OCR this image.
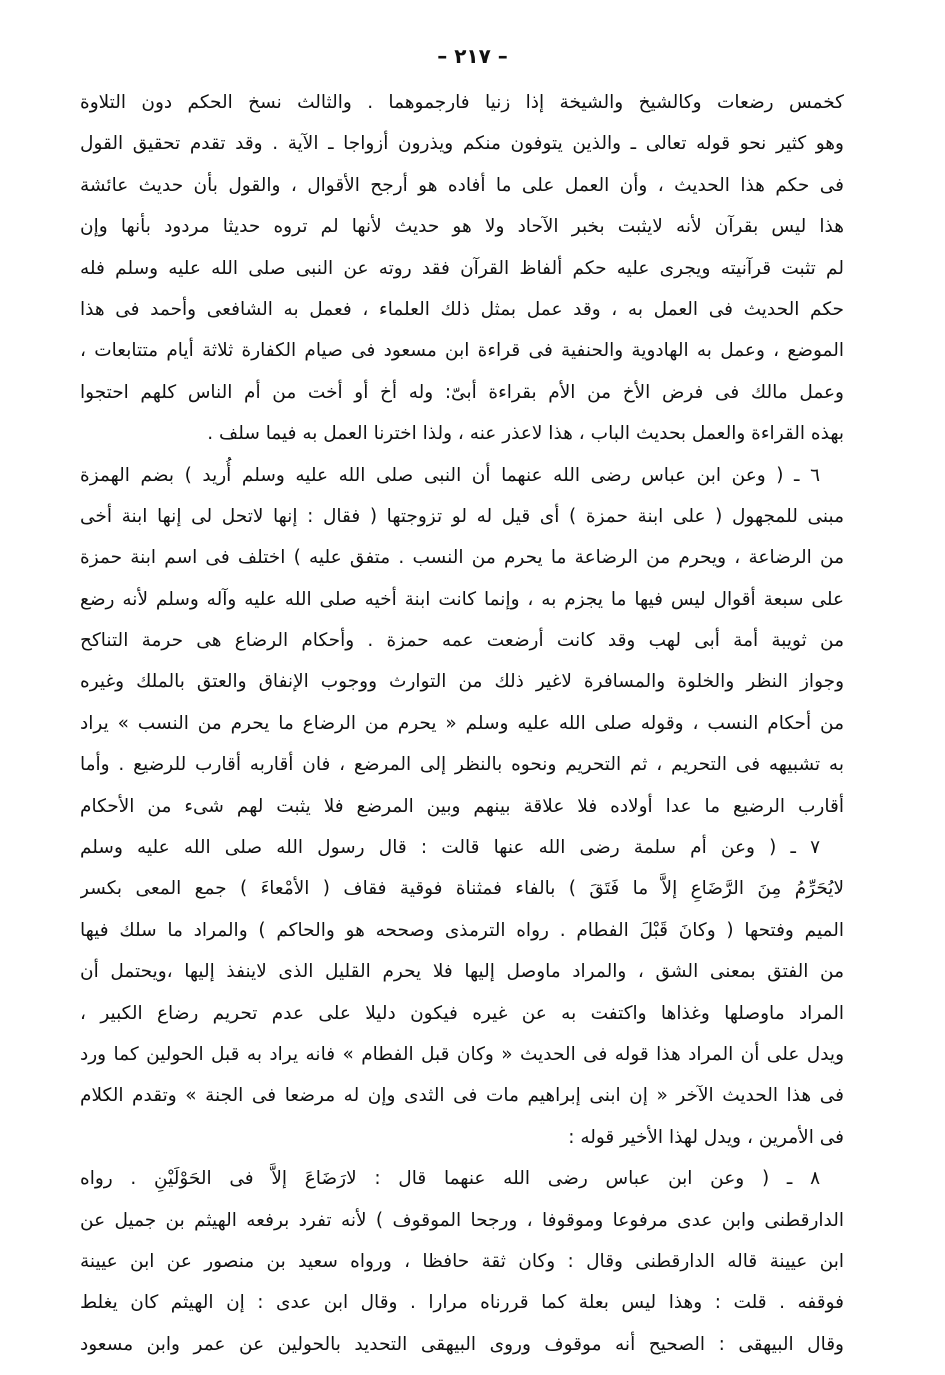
– ٢١٧ –
كخمس رضعات وكالشيخ والشيخة إذا زنيا فارجموهما . والثالث نسخ الحكم دون التلاوة
وهو كثير نحو قوله تعالى ـ والذين يتوفون منكم ويذرون أزواجا ـ الآية . وقد تقدم تحقيق القول
فى حكم هذا الحديث ، وأن العمل على ما أفاده هو أرجح الأقوال ، والقول بأن حديث عائشة
هذا ليس بقرآن لأنه لايثبت بخبر الآحاد ولا هو حديث لأنها لم تروه حديثا مردود بأنها وإن
لم تثبت قرآنيته ويجرى عليه حكم ألفاظ القرآن فقد روته عن النبى صلى الله عليه وسلم فله
حكم الحديث فى العمل به ، وقد عمل بمثل ذلك العلماء ، فعمل به الشافعى وأحمد فى هذا
الموضع ، وعمل به الهادوية والحنفية فى قراءة ابن مسعود فى صيام الكفارة ثلاثة أيام متتابعات ،
وعمل مالك فى فرض الأخ من الأم بقراءة أبىّ: وله أخ أو أخت من أم الناس كلهم احتجوا
بهذه القراءة والعمل بحديث الباب ، هذا لاعذر عنه ، ولذا اخترنا العمل به فيما سلف .
٦ ـ ( وعن ابن عباس رضى الله عنهما أن النبى صلى الله عليه وسلم أُريد ) بضم الهمزة
مبنى للمجهول ( على ابنة حمزة ) أى قيل له لو تزوجتها ( فقال : إنها لاتحل لى إنها ابنة أخى
من الرضاعة ، ويحرم من الرضاعة ما يحرم من النسب . متفق عليه ) اختلف فى اسم ابنة حمزة
على سبعة أقوال ليس فيها ما يجزم به ، وإنما كانت ابنة أخيه صلى الله عليه وآله وسلم لأنه رضع
من ثويبة أمة أبى لهب وقد كانت أرضعت عمه حمزة . وأحكام الرضاع هى حرمة التناكح
وجواز النظر والخلوة والمسافرة لاغير ذلك من التوارث ووجوب الإنفاق والعتق بالملك وغيره
من أحكام النسب ، وقوله صلى الله عليه وسلم « يحرم من الرضاع ما يحرم من النسب » يراد
به تشبيهه فى التحريم ، ثم التحريم ونحوه بالنظر إلى المرضع ، فان أقاربه أقارب للرضيع . وأما
أقارب الرضيع ما عدا أولاده فلا علاقة بينهم وبين المرضع فلا يثبت لهم شىء من الأحكام
٧ ـ ( وعن أم سلمة رضى الله عنها قالت : قال رسول الله صلى الله عليه وسلم
لايُحَرِّمُ مِنَ الرَّضَاعِ إلاَّ ما فَتَقَ ) بالفاء فمثناة فوقية فقاف ( الأمْعاءَ ) جمع المعى بكسر
الميم وفتحها ( وكانَ قَبْلَ الفطام . رواه الترمذى وصححه هو والحاكم ) والمراد ما سلك فيها
من الفتق بمعنى الشق ، والمراد ماوصل إليها فلا يحرم القليل الذى لاينفذ إليها ،ويحتمل أن
المراد ماوصلها وغذاها واكتفت به عن غيره فيكون دليلا على عدم تحريم رضاع الكبير ،
ويدل على أن المراد هذا قوله فى الحديث « وكان قبل الفطام » فانه يراد به قبل الحولين كما ورد
فى هذا الحديث الآخر « إن ابنى إبراهيم مات فى الثدى وإن له مرضعا فى الجنة » وتقدم الكلام
فى الأمرين ، ويدل لهذا الأخير قوله :
٨ ـ ( وعن ابن عباس رضى الله عنهما قال : لارَضَاعَ إلاَّ فى الحَوْلَيْنِ . رواه
الدارقطنى وابن عدى مرفوعا وموقوفا ، ورجحا الموقوف ) لأنه تفرد برفعه الهيثم بن جميل عن
ابن عيينة قاله الدارقطنى وقال : وكان ثقة حافظا ، ورواه سعيد بن منصور عن ابن عيينة
فوقفه . قلت : وهذا ليس بعلة كما قررناه مرارا . وقال ابن عدى : إن الهيثم كان يغلط
وقال البيهقى : الصحيح أنه موقوف وروى البيهقى التحديد بالحولين عن عمر وابن مسعود
